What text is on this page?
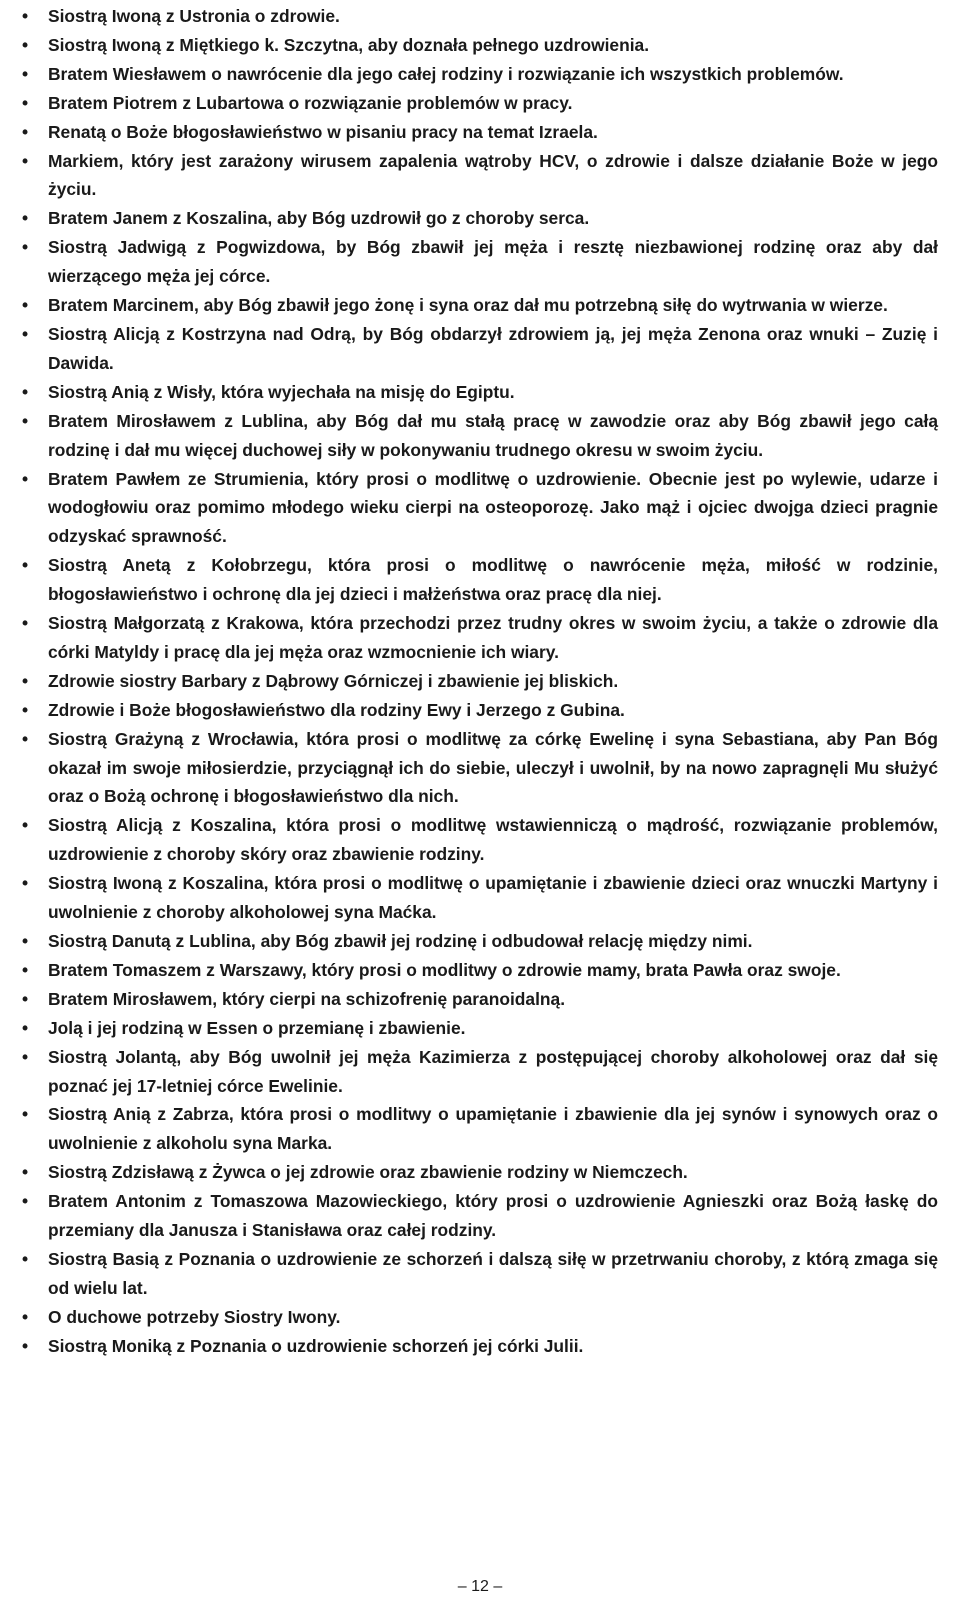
• Siostrą Iwoną z Ustronia o zdrowie.
• Siostrą Iwoną z Miętkiego k. Szczytna, aby doznała pełnego uzdrowienia.
• Bratem Wiesławem o nawrócenie dla jego całej rodziny i rozwiązanie ich wszystkich problemów.
• Bratem Piotrem z Lubartowa o rozwiązanie problemów w pracy.
• Renatą o Boże błogosławieństwo w pisaniu pracy na temat Izraela.
• Markiem, który jest zarażony wirusem zapalenia wątroby HCV, o zdrowie i dalsze działanie Boże w jego życiu.
• Bratem Janem z Koszalina, aby Bóg uzdrowił go z choroby serca.
• Siostrą Jadwigą z Pogwizdowa, by Bóg zbawił jej męża i resztę niezbawionej rodzinę oraz aby dał wierzącego męża jej córce.
• Bratem Marcinem, aby Bóg zbawił jego żonę i syna oraz dał mu potrzebną siłę do wytrwania w wierze.
• Siostrą Alicją z Kostrzyna nad Odrą, by Bóg obdarzył zdrowiem ją, jej męża Zenona oraz wnuki – Zuzię i Dawida.
• Siostrą Anią z Wisły, która wyjechała na misję do Egiptu.
• Bratem Mirosławem z Lublina, aby Bóg dał mu stałą pracę w zawodzie oraz aby Bóg zbawił jego całą rodzinę i dał mu więcej duchowej siły w pokonywaniu trudnego okresu w swoim życiu.
• Bratem Pawłem ze Strumienia, który prosi o modlitwę o uzdrowienie. Obecnie jest po wylewie, udarze i wodogłowiu oraz pomimo młodego wieku cierpi na osteoporozę. Jako mąż i ojciec dwojga dzieci pragnie odzyskać sprawność.
• Siostrą Anetą z Kołobrzegu, która prosi o modlitwę o nawrócenie męża, miłość w rodzinie, błogosławieństwo i ochronę dla jej dzieci i małżeństwa oraz pracę dla niej.
• Siostrą Małgorzatą z Krakowa, która przechodzi przez trudny okres w swoim życiu, a także o zdrowie dla córki Matyldy i pracę dla jej męża oraz wzmocnienie ich wiary.
• Zdrowie siostry Barbary z Dąbrowy Górniczej i zbawienie jej bliskich.
• Zdrowie i Boże błogosławieństwo dla rodziny Ewy i Jerzego z Gubina.
• Siostrą Grażyną z Wrocławia, która prosi o modlitwę za córkę Ewelinę i syna Sebastiana, aby Pan Bóg okazał im swoje miłosierdzie, przyciągnął ich do siebie, uleczył i uwolnił, by na nowo zapragnęli Mu służyć oraz o Bożą ochronę i błogosławieństwo dla nich.
• Siostrą Alicją z Koszalina, która prosi o modlitwę wstawienniczą o mądrość, rozwiązanie problemów, uzdrowienie z choroby skóry oraz zbawienie rodziny.
• Siostrą Iwoną z Koszalina, która prosi o modlitwę o upamiętanie i zbawienie dzieci oraz wnuczki Martyny i uwolnienie z choroby alkoholowej syna Maćka.
• Siostrą Danutą z Lublina, aby Bóg zbawił jej rodzinę i odbudował relację między nimi.
• Bratem Tomaszem z Warszawy, który prosi o modlitwy o zdrowie mamy, brata Pawła oraz swoje.
• Bratem Mirosławem, który cierpi na schizofrenię paranoidalną.
• Jolą i jej rodziną w Essen o przemianę i zbawienie.
• Siostrą Jolantą, aby Bóg uwolnił jej męża Kazimierza z postępującej choroby alkoholowej oraz dał się poznać jej 17-letniej córce Ewelinie.
• Siostrą Anią z Zabrza, która prosi o modlitwy o upamiętanie i zbawienie dla jej synów i synowych oraz o uwolnienie z alkoholu syna Marka.
• Siostrą Zdzisławą z Żywca o jej zdrowie oraz zbawienie rodziny w Niemczech.
• Bratem Antonim z Tomaszowa Mazowieckiego, który prosi o uzdrowienie Agnieszki oraz Bożą łaskę do przemiany dla Janusza i Stanisława oraz całej rodziny.
• Siostrą Basią z Poznania o uzdrowienie ze schorzeń i dalszą siłę w przetrwaniu choroby, z którą zmaga się od wielu lat.
• O duchowe potrzeby Siostry Iwony.
• Siostrą Moniką z Poznania o uzdrowienie schorzeń jej córki Julii.
– 12 –
